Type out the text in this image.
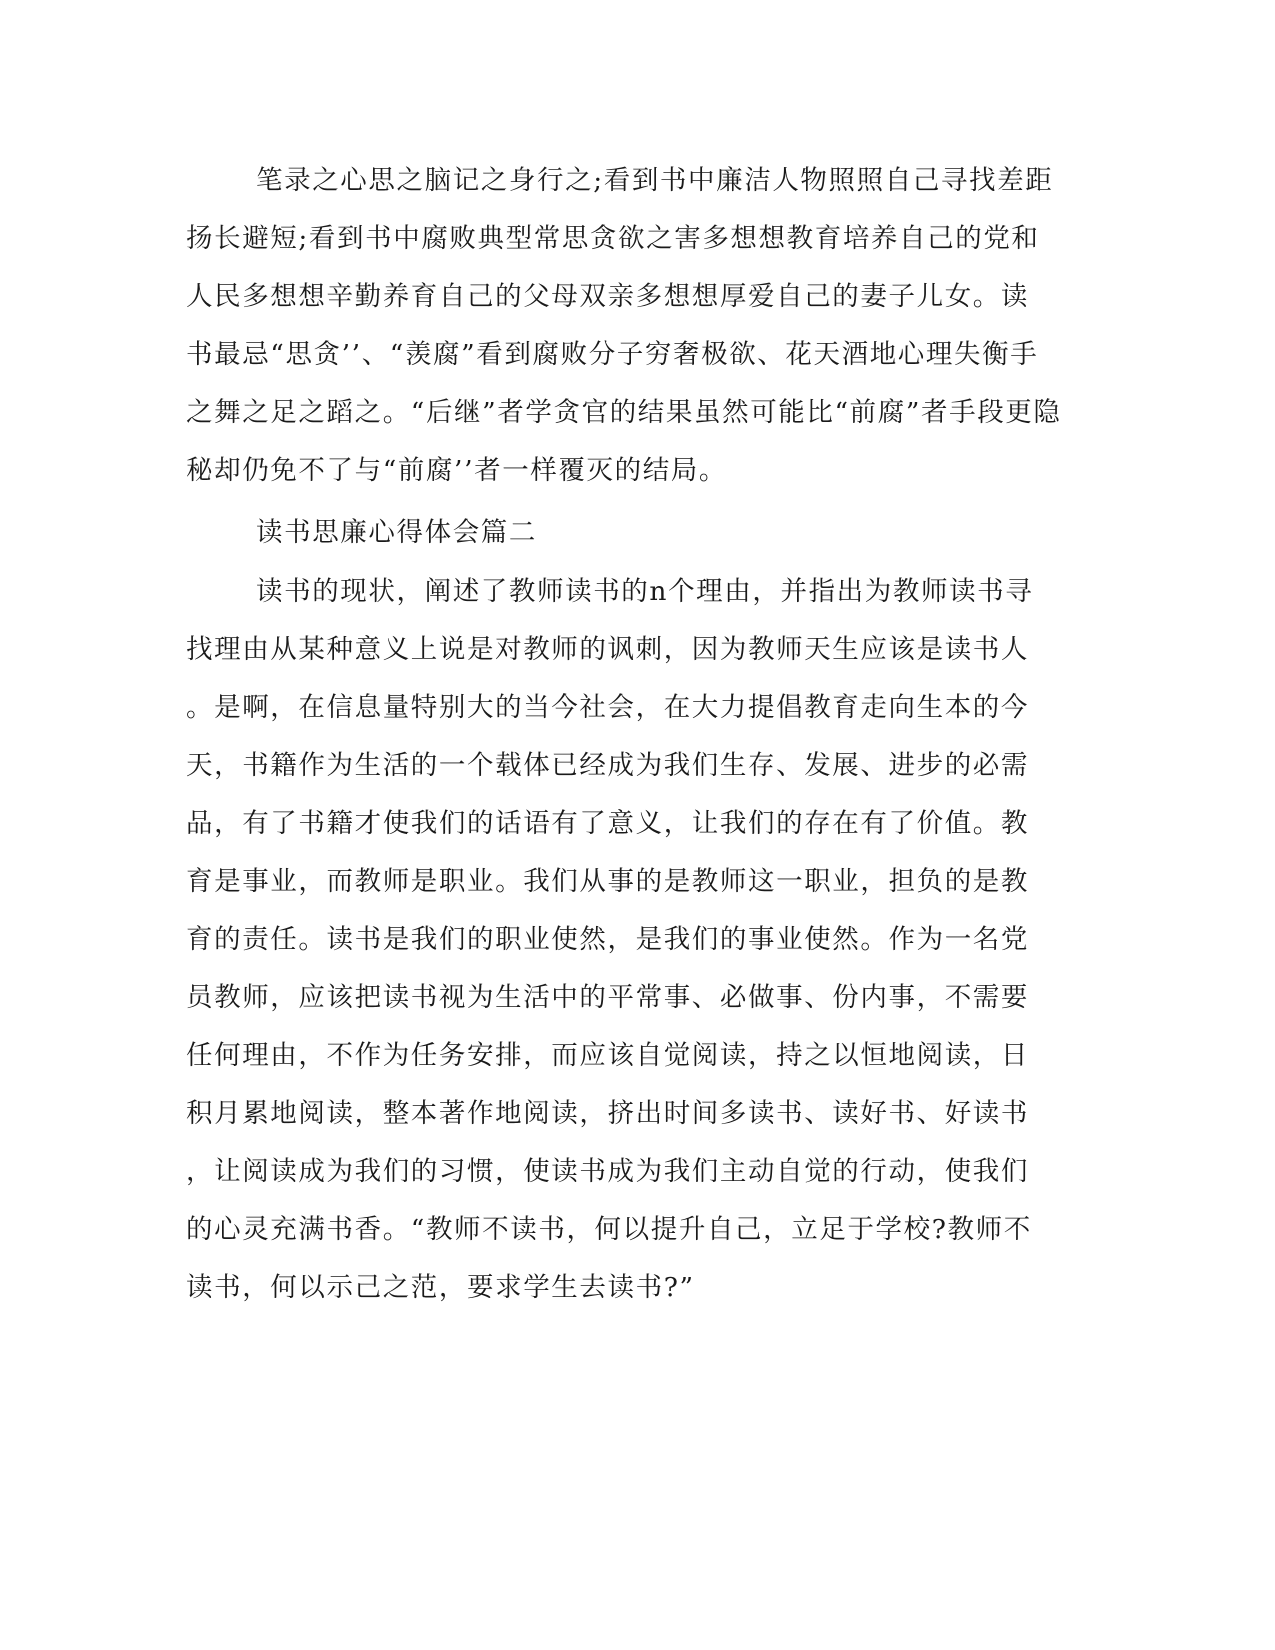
笔录之心思之脑记之身行之;看到书中廉洁人物照照自己寻找差距
扬长避短;看到书中腐败典型常思贪欲之害多想想教育培养自己的党和
人民多想想辛勤养育自己的父母双亲多想想厚爱自己的妻子儿女。读
书最忌“思贪’’、“羡腐”看到腐败分子穷奢极欲、花天酒地心理失衡手
之舞之足之蹈之。“后继”者学贪官的结果虽然可能比“前腐”者手段更隐
秘却仍免不了与“前腐’’者一样覆灭的结局。
读书思廉心得体会篇二
读书的现状，阐述了教师读书的n个理由，并指出为教师读书寻
找理由从某种意义上说是对教师的讽刺，因为教师天生应该是读书人
。是啊，在信息量特别大的当今社会，在大力提倡教育走向生本的今
天，书籍作为生活的一个载体已经成为我们生存、发展、进步的必需
品，有了书籍才使我们的话语有了意义，让我们的存在有了价值。教
育是事业，而教师是职业。我们从事的是教师这一职业，担负的是教
育的责任。读书是我们的职业使然，是我们的事业使然。作为一名党
员教师，应该把读书视为生活中的平常事、必做事、份内事，不需要
任何理由，不作为任务安排，而应该自觉阅读，持之以恒地阅读，日
积月累地阅读，整本著作地阅读，挤出时间多读书、读好书、好读书
，让阅读成为我们的习惯，使读书成为我们主动自觉的行动，使我们
的心灵充满书香。“教师不读书，何以提升自己，立足于学校?教师不
读书，何以示己之范，要求学生去读书?”
